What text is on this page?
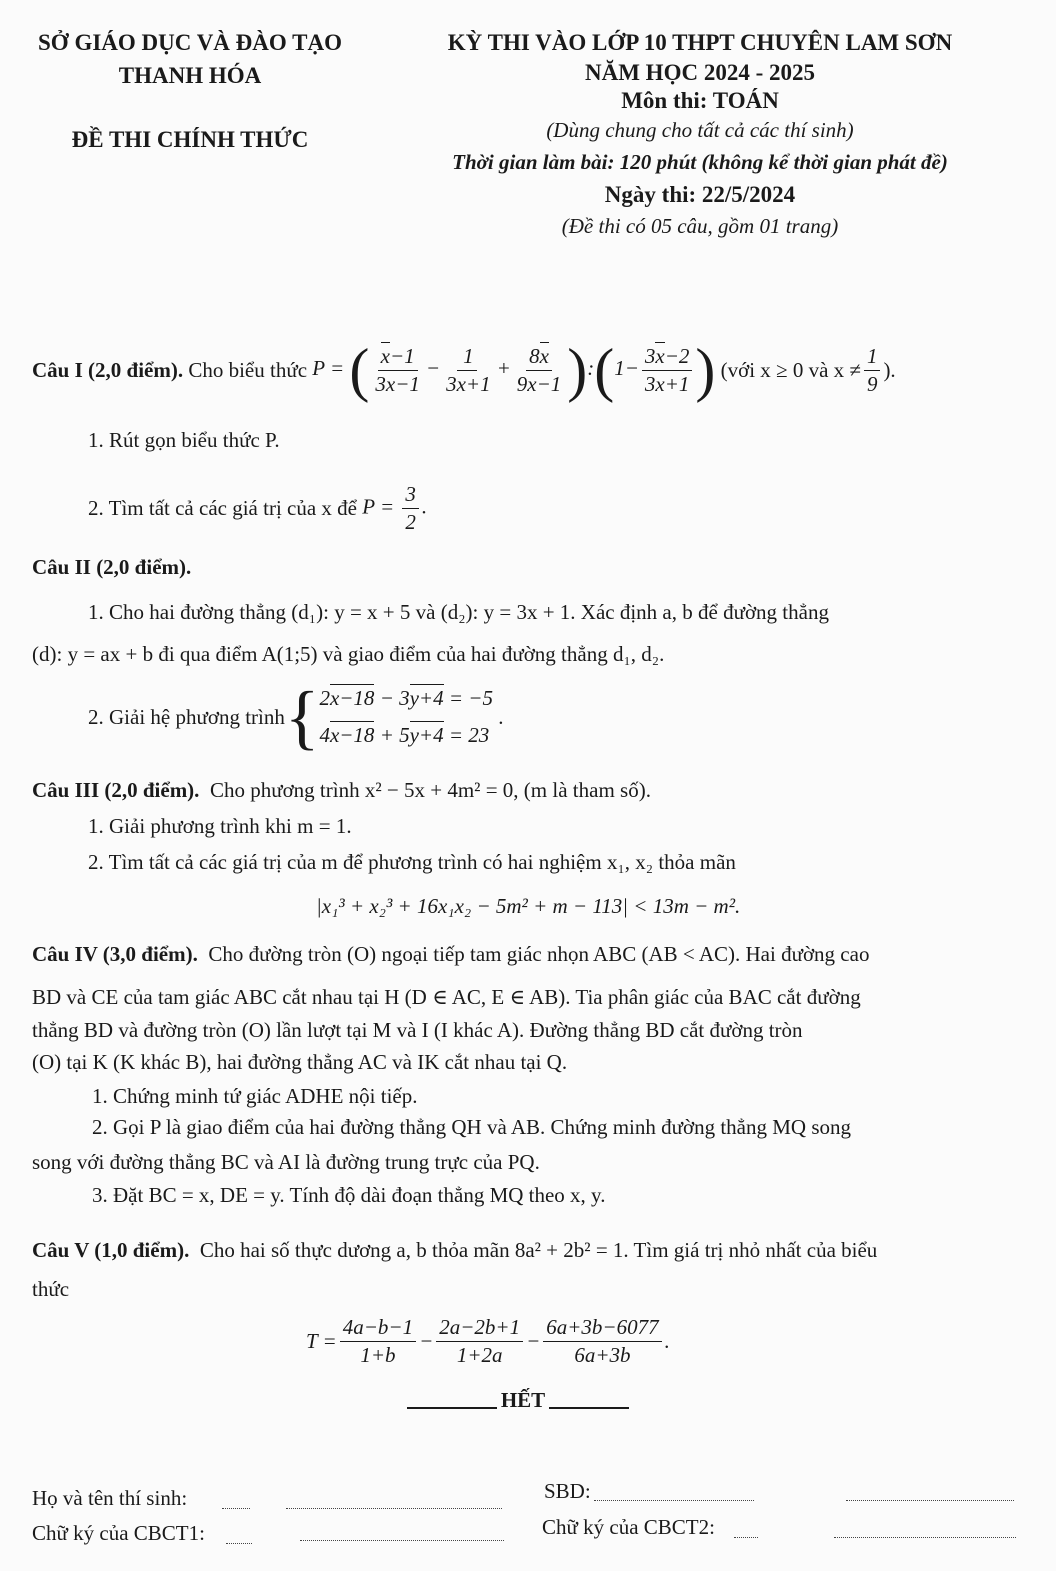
SỞ GIÁO DỤC VÀ ĐÀO TẠO
THANH HÓA
ĐỀ THI CHÍNH THỨC
KỲ THI VÀO LỚP 10 THPT CHUYÊN LAM SƠN
NĂM HỌC 2024 - 2025
Môn thi: TOÁN
(Dùng chung cho tất cả các thí sinh)
Thời gian làm bài: 120 phút (không kể thời gian phát đề)
Ngày thi: 22/5/2024
(Đề thi có 05 câu, gồm 01 trang)
Câu I (2,0 điểm).
Cho biểu thức
P = ( $\frac{x-1}{3x-1} - \frac{1}{3x+1} + \frac{8x}{9x-1}$ ):(1− $\frac{3x-2}{3x+1}$ )
(với x ≥ 0 và $x \ne \frac{1}{9}$ ).
1. Rút gọn biểu thức P.
2. Tìm tất cả các giá trị của x để
$P = \frac{3}{2}$ .
Câu II (2,0 điểm).
1. Cho hai đường thẳng (d₁): y = x + 5 và (d₂): y = 3x + 1. Xác định a, b để đường thẳng
(d): y = ax + b đi qua điểm A(1;5) và giao điểm của hai đường thẳng d₁, d₂.
2. Giải hệ phương trình { 2x−18 − 3y+4 = −5
4x−18 + 5y+4 = 23
.
Câu III (2,0 điểm). Cho phương trình x² − 5x + 4m² = 0, (m là tham số).
1. Giải phương trình khi m = 1.
2. Tìm tất cả các giá trị của m để phương trình có hai nghiệm x₁, x₂ thỏa mãn
|x₁³ + x₂³ + 16x₁x₂ − 5m² + m − 113| < 13m − m².
Câu IV (3,0 điểm). Cho đường tròn (O) ngoại tiếp tam giác nhọn ABC (AB < AC). Hai đường cao
BD và CE của tam giác ABC cắt nhau tại H (D ∈ AC, E ∈ AB). Tia phân giác của BAC cắt đường
thẳng BD và đường tròn (O) lần lượt tại M và I (I khác A). Đường thẳng BD cắt đường tròn
(O) tại K (K khác B), hai đường thẳng AC và IK cắt nhau tại Q.
1. Chứng minh tứ giác ADHE nội tiếp.
2. Gọi P là giao điểm của hai đường thẳng QH và AB. Chứng minh đường thẳng MQ song
song với đường thẳng BC và AI là đường trung trực của PQ.
3. Đặt BC = x, DE = y. Tính độ dài đoạn thẳng MQ theo x, y.
Câu V (1,0 điểm). Cho hai số thực dương a, b thỏa mãn 8a² + 2b² = 1. Tìm giá trị nhỏ nhất của biểu
thức
$T = \frac{4a-b-1}{1+b} - \frac{2a-2b+1}{1+2a} - \frac{6a+3b-6077}{6a+3b}$ .
HẾT
Họ và tên thí sinh:	SBD:
Chữ ký của CBCT1:	Chữ ký của CBCT2:
